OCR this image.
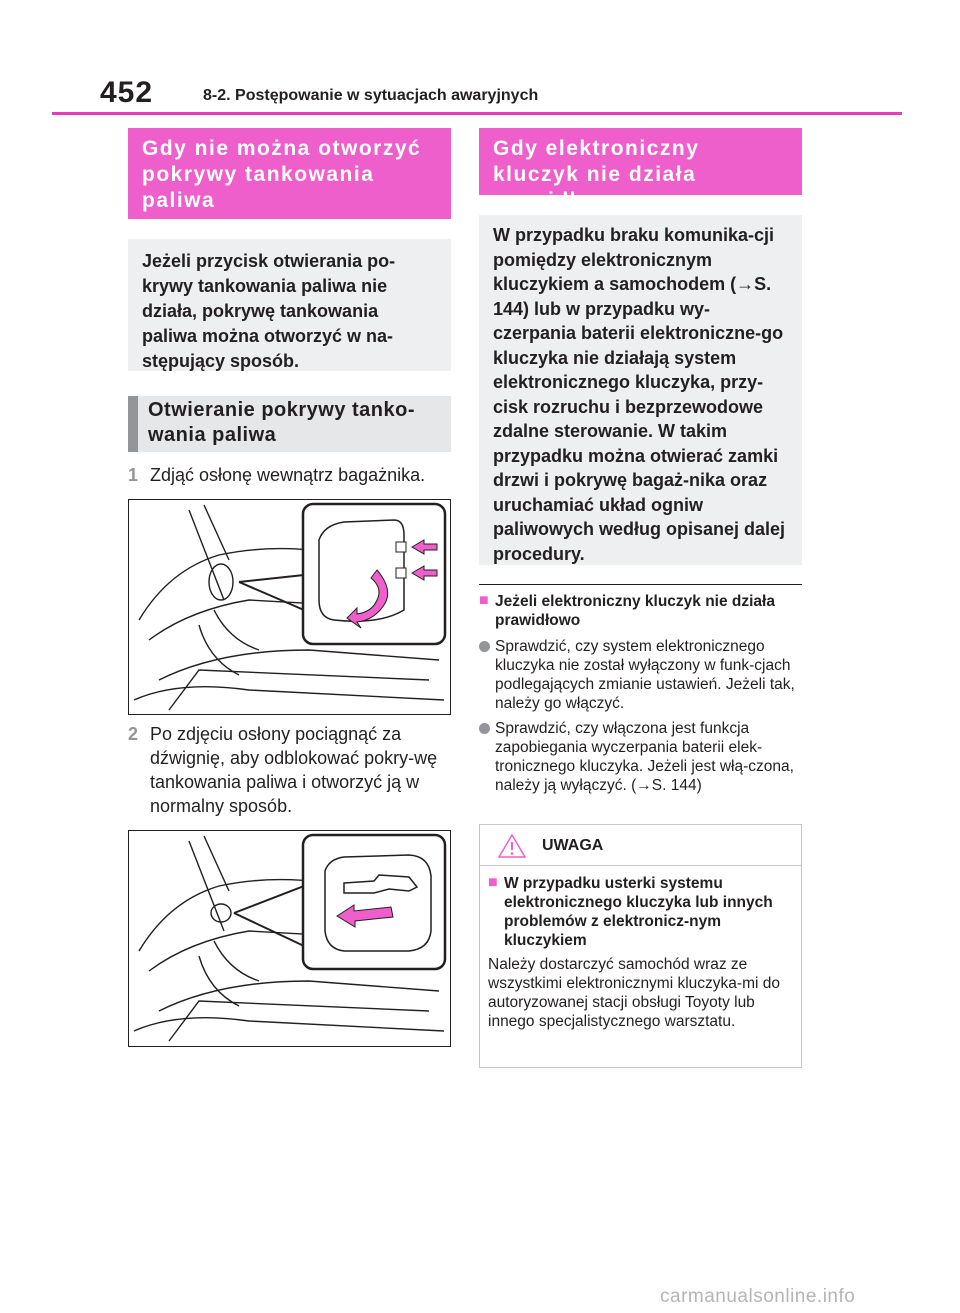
452	8-2. Postępowanie w sytuacjach awaryjnych
Gdy nie można otworzyć pokrywy tankowania paliwa
Jeżeli przycisk otwierania po-krywy tankowania paliwa nie działa, pokrywę tankowania paliwa można otworzyć w na-stępujący sposób.
Otwieranie pokrywy tanko-wania paliwa
1 Zdjąć osłonę wewnątrz bagażnika.
2 Po zdjęciu osłony pociągnąć za dźwignię, aby odblokować pokry-wę tankowania paliwa i otworzyć ją w normalny sposób.
Gdy elektroniczny kluczyk nie działa prawidłowo
W przypadku braku komunika-cji pomiędzy elektronicznym kluczykiem a samochodem (→S. 144) lub w przypadku wy-czerpania baterii elektroniczne-go kluczyka nie działają system elektronicznego kluczyka, przy-cisk rozruchu i bezprzewodowe zdalne sterowanie. W takim przypadku można otwierać zamki drzwi i pokrywę bagaż-nika oraz uruchamiać układ ogniw paliwowych według opisanej dalej procedury.
■ Jeżeli elektroniczny kluczyk nie działa prawidłowo
Sprawdzić, czy system elektronicznego kluczyka nie został wyłączony w funk-cjach podlegających zmianie ustawień. Jeżeli tak, należy go włączyć.
Sprawdzić, czy włączona jest funkcja zapobiegania wyczerpania baterii elek-tronicznego kluczyka. Jeżeli jest włą-czona, należy ją wyłączyć. (→S. 144)
UWAGA
■ W przypadku usterki systemu elektronicznego kluczyka lub innych problemów z elektronicz-nym kluczykiem
Należy dostarczyć samochód wraz ze wszystkimi elektronicznymi kluczyka-mi do autoryzowanej stacji obsługi Toyoty lub innego specjalistycznego warsztatu.
carmanualsonline.info
